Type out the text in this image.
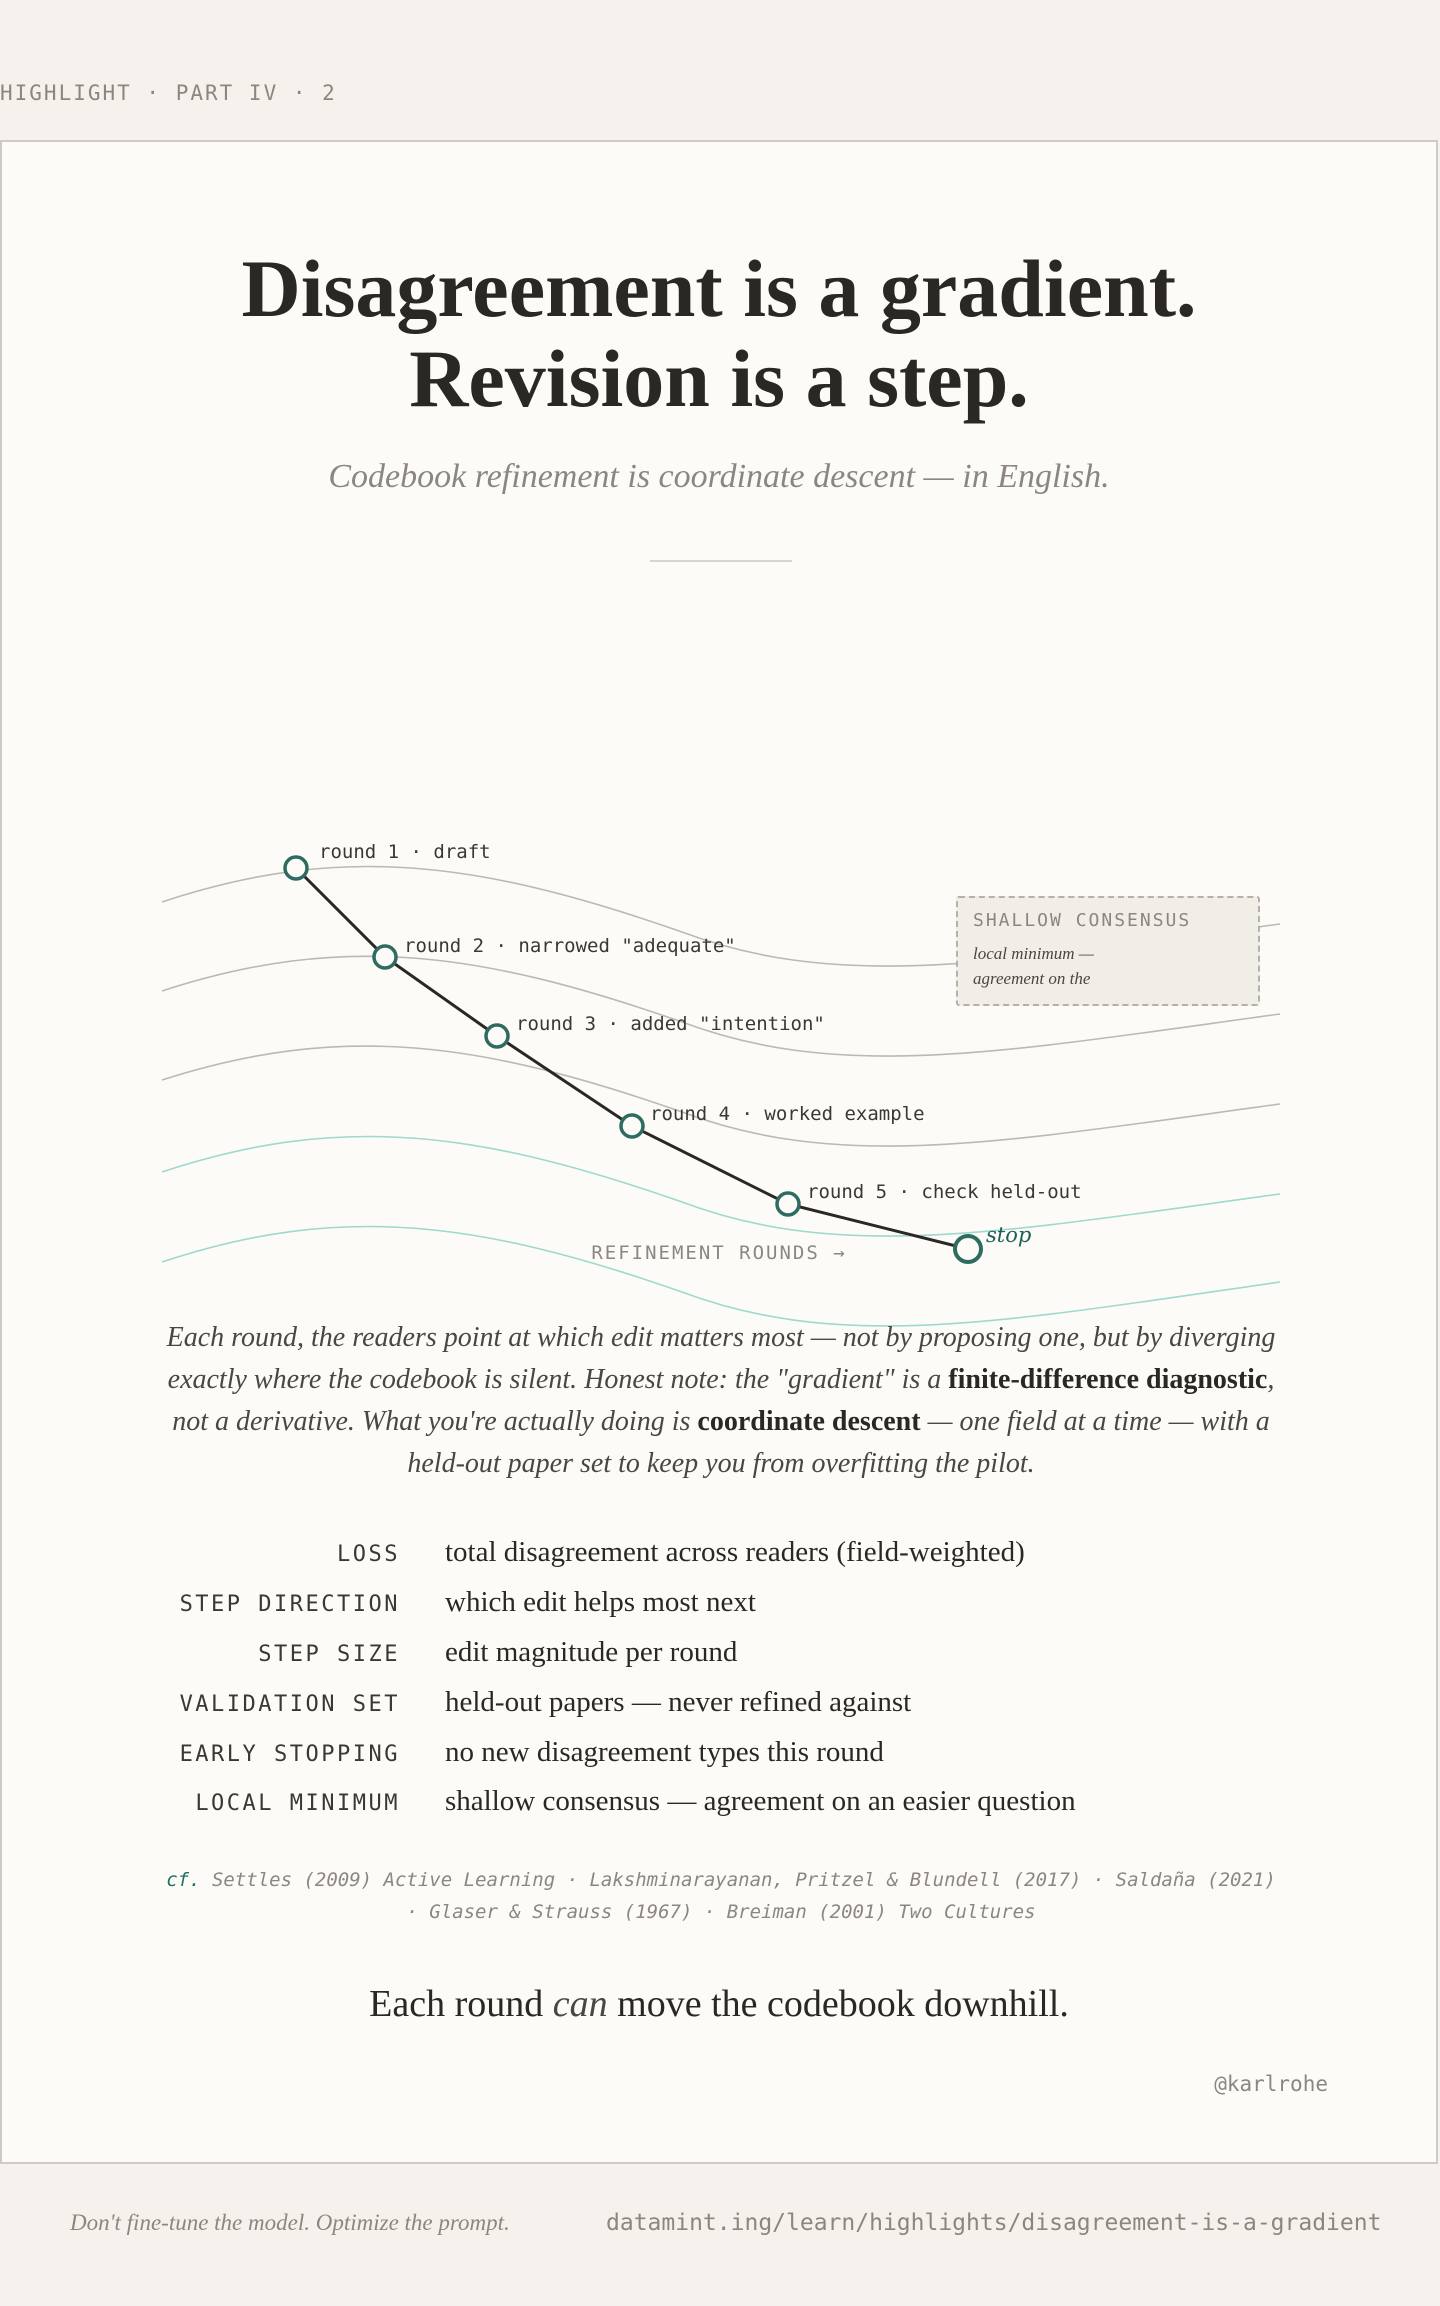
HIGHLIGHT · PART IV · 2
Disagreement is a gradient.
Revision is a step.
Codebook refinement is coordinate descent — in English.
round 1 · draft
round 2 · narrowed "adequate"
round 3 · added "intention"
round 4 · worked example
round 5 · check held-out
stop
SHALLOW CONSENSUS
local minimum —
agreement on the
REFINEMENT ROUNDS →
Each round, the readers point at which edit matters most — not by proposing one, but by diverging exactly where the codebook is silent. Honest note: the "gradient" is a finite-difference diagnostic, not a derivative. What you're actually doing is coordinate descent — one field at a time — with a held-out paper set to keep you from overfitting the pilot.
LOSS total disagreement across readers (field-weighted)
STEP DIRECTION which edit helps most next
STEP SIZE edit magnitude per round
VALIDATION SET held-out papers — never refined against
EARLY STOPPING no new disagreement types this round
LOCAL MINIMUM shallow consensus — agreement on an easier question
cf. Settles (2009) Active Learning · Lakshminarayanan, Pritzel & Blundell (2017) · Saldaña (2021)
· Glaser & Strauss (1967) · Breiman (2001) Two Cultures
Each round can move the codebook downhill.
@karlrohe
Don't fine-tune the model. Optimize the prompt.	datamint.ing/learn/highlights/disagreement-is-a-gradient
